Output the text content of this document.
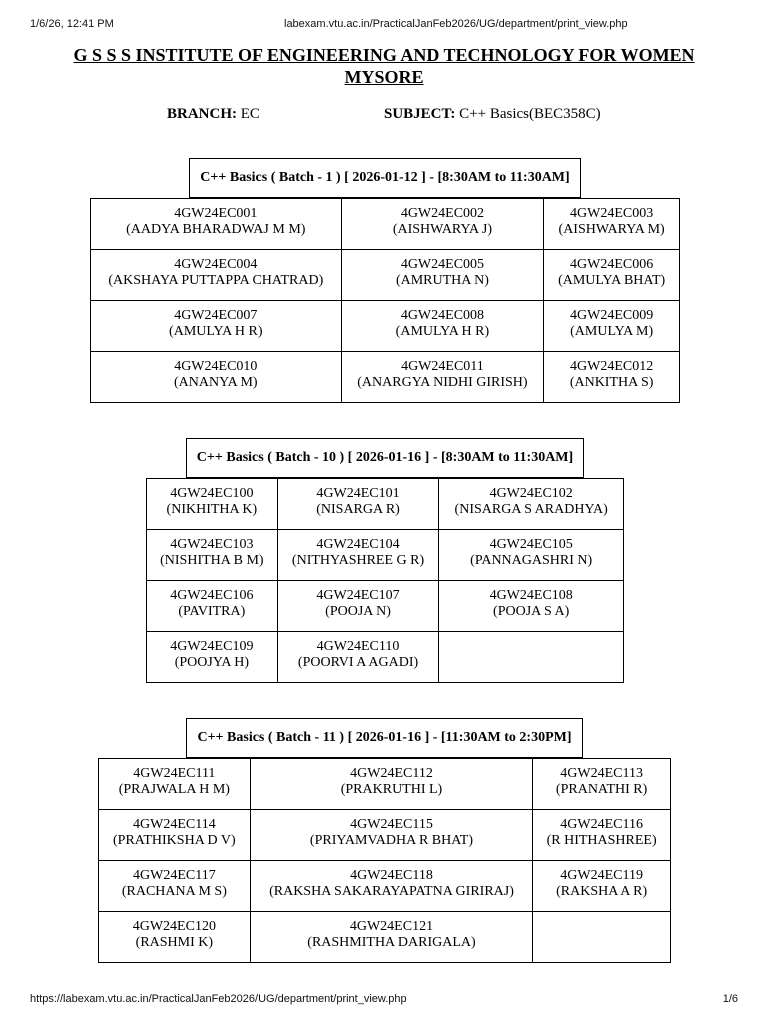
1/6/26, 12:41 PM	labexam.vtu.ac.in/PracticalJanFeb2026/UG/department/print_view.php
G S S S INSTITUTE OF ENGINEERING AND TECHNOLOGY FOR WOMEN
MYSORE
BRANCH: EC	SUBJECT: C++ Basics(BEC358C)
C++ Basics ( Batch - 1 ) [ 2026-01-12 ] - [8:30AM to 11:30AM]
4GW24EC001
(AADYA BHARADWAJ M M)	4GW24EC002
(AISHWARYA J)	4GW24EC003
(AISHWARYA M)

4GW24EC004
(AKSHAYA PUTTAPPA CHATRAD)	4GW24EC005
(AMRUTHA N)	4GW24EC006
(AMULYA BHAT)

4GW24EC007
(AMULYA H R)	4GW24EC008
(AMULYA H R)	4GW24EC009
(AMULYA M)

4GW24EC010
(ANANYA M)	4GW24EC011
(ANARGYA NIDHI GIRISH)	4GW24EC012
(ANKITHA S)
C++ Basics ( Batch - 10 ) [ 2026-01-16 ] - [8:30AM to 11:30AM]
4GW24EC100
(NIKHITHA K)	4GW24EC101
(NISARGA R)	4GW24EC102
(NISARGA S ARADHYA)

4GW24EC103
(NISHITHA B M)	4GW24EC104
(NITHYASHREE G R)	4GW24EC105
(PANNAGASHRI N)

4GW24EC106
(PAVITRA)	4GW24EC107
(POOJA N)	4GW24EC108
(POOJA S A)

4GW24EC109
(POOJYA H)	4GW24EC110
(POORVI A AGADI)	

C++ Basics ( Batch - 11 ) [ 2026-01-16 ] - [11:30AM to 2:30PM]
4GW24EC111
(PRAJWALA H M)	4GW24EC112
(PRAKRUTHI L)	4GW24EC113
(PRANATHI R)

4GW24EC114
(PRATHIKSHA D V)	4GW24EC115
(PRIYAMVADHA R BHAT)	4GW24EC116
(R HITHASHREE)

4GW24EC117
(RACHANA M S)	4GW24EC118
(RAKSHA SAKARAYAPATNA GIRIRAJ)	4GW24EC119
(RAKSHA A R)

4GW24EC120
(RASHMI K)	4GW24EC121
(RASHMITHA DARIGALA)	

https://labexam.vtu.ac.in/PracticalJanFeb2026/UG/department/print_view.php	1/6
